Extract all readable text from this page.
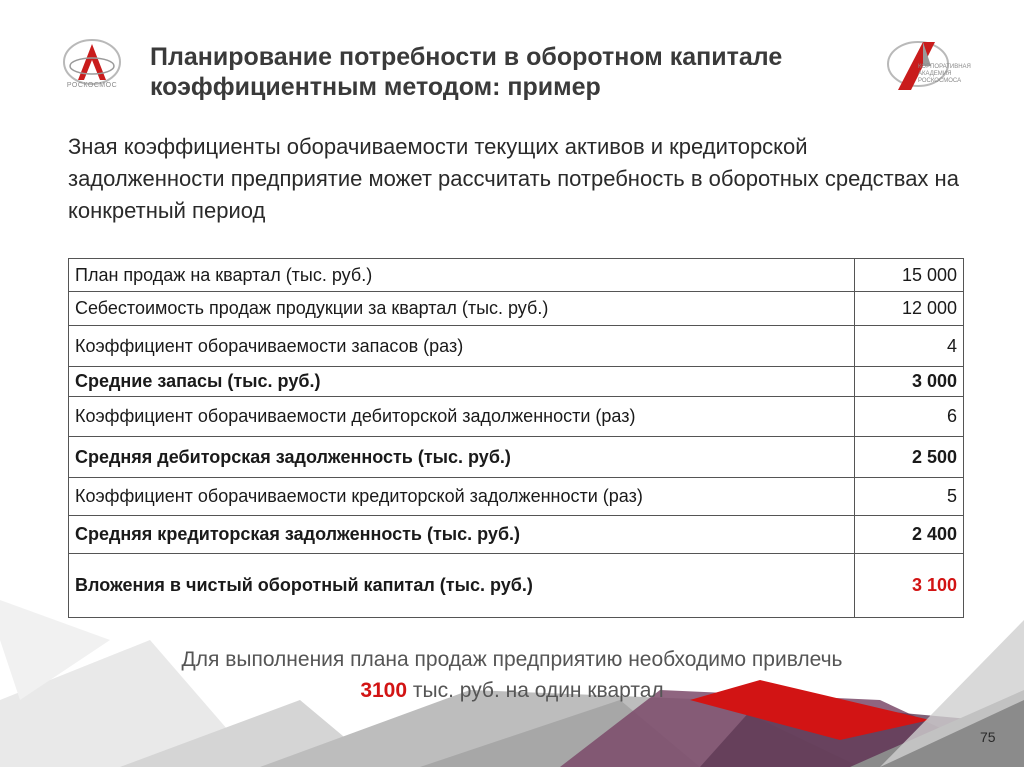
РОСКОСМОС
Планирование потребности в оборотном капитале
коэффициентным методом: пример
КОРПОРАТИВНАЯ
АКАДЕМИЯ
РОСКОСМОСА
Зная коэффициенты оборачиваемости текущих активов и кредиторской задолженности предприятие может рассчитать потребность в оборотных средствах на конкретный период
План продаж на квартал (тыс. руб.)	15 000
Себестоимость продаж продукции за квартал (тыс. руб.)	12 000
Коэффициент оборачиваемости запасов (раз)	4
Средние запасы (тыс. руб.)	3 000
Коэффициент оборачиваемости дебиторской задолженности (раз)	6
Средняя дебиторская задолженность (тыс. руб.)	2 500
Коэффициент оборачиваемости кредиторской задолженности (раз)	5
Средняя кредиторская задолженность (тыс. руб.)	2 400
Вложения в чистый оборотный капитал (тыс. руб.)	3 100
Для выполнения плана продаж предприятию необходимо привлечь
3100 тыс. руб. на один квартал
75
